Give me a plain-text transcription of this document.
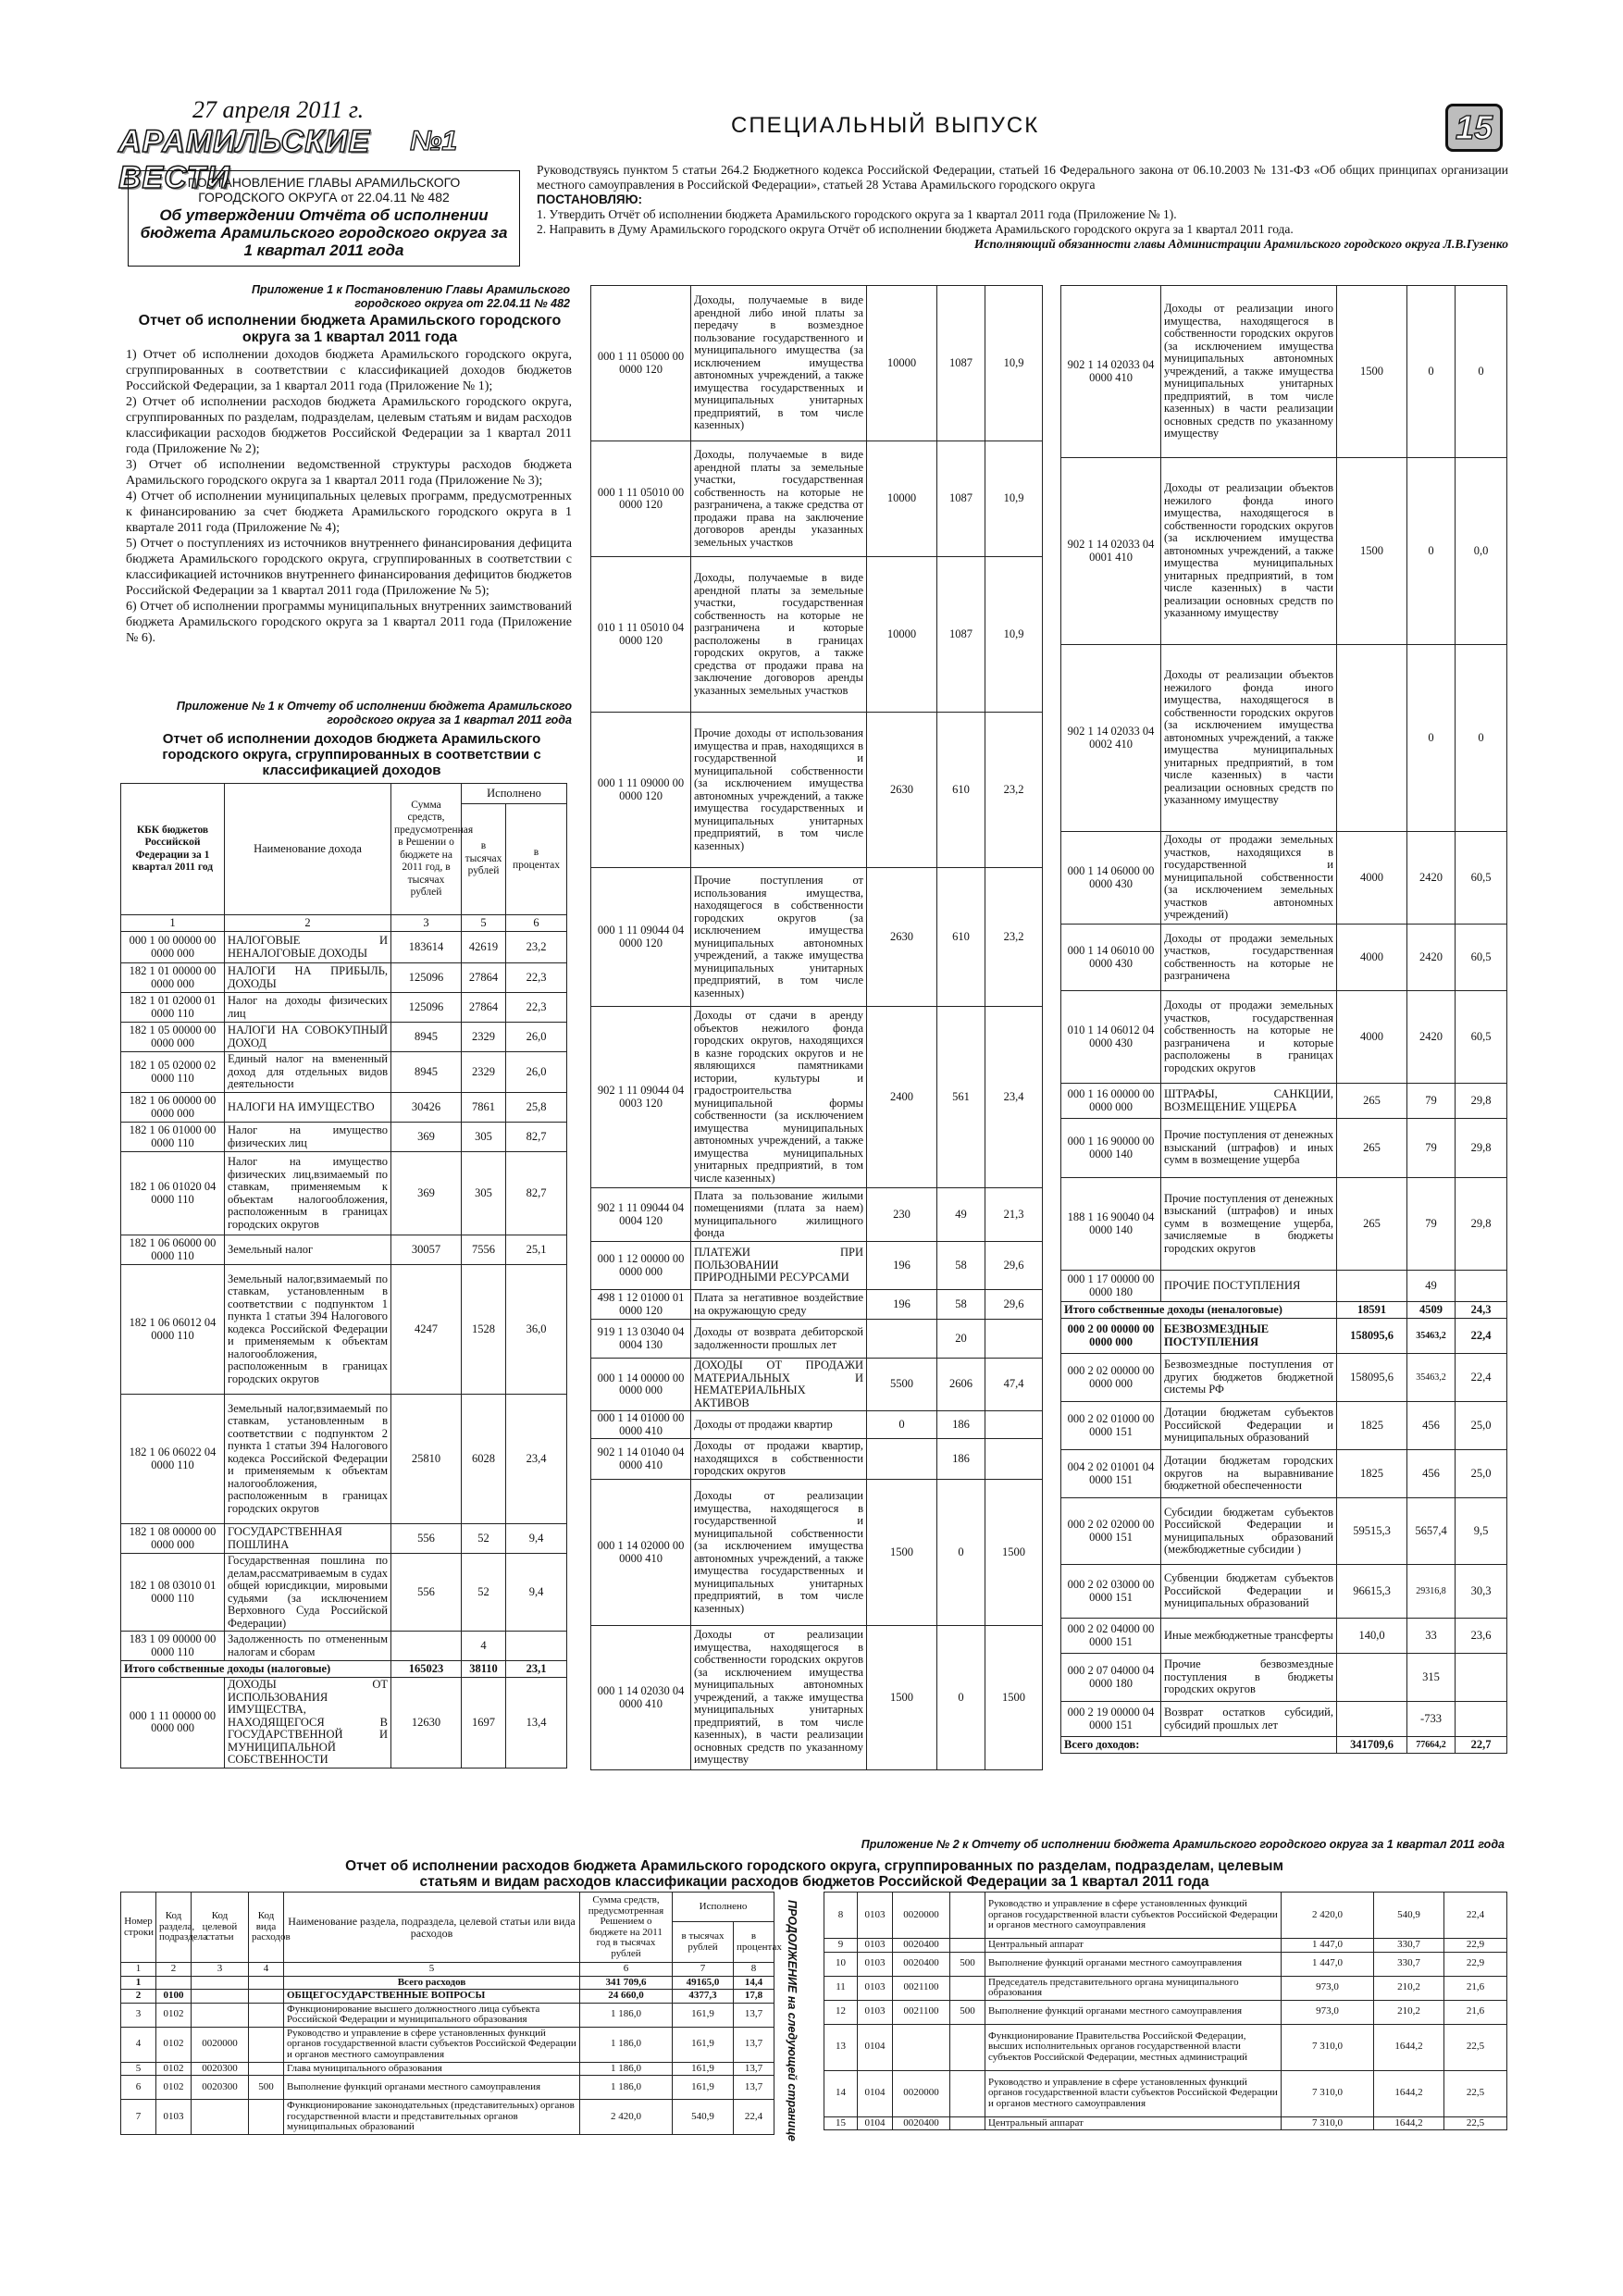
27 апреля 2011 г.
АРАМИЛЬСКИЕ ВЕСТИ
№1
СПЕЦИАЛЬНЫЙ ВЫПУСК	15
ПОСТАНОВЛЕНИЕ ГЛАВЫ АРАМИЛЬСКОГО
ГОРОДСКОГО ОКРУГА от 22.04.11 № 482
Об утверждении Отчёта об исполнении бюджета Арамильского городского округа за 1 квартал 2011 года

Руководствуясь пунктом 5 статьи 264.2 Бюджетного кодекса Российской Федерации, статьей 16 Федерального закона от 06.10.2003 № 131-ФЗ «Об общих принципах организации местного самоуправления в Российской Федерации», статьей 28 Устава Арамильского городского округа

ПОСТАНОВЛЯЮ:

1. Утвердить Отчёт об исполнении бюджета Арамильского городского округа за 1 квартал 2011 года (Приложение № 1).

2. Направить в Думу Арамильского городского округа Отчёт об исполнении бюджета Арамильского городского округа за 1 квартал 2011 года.

Исполняющий обязанности главы Администрации Арамильского городского округа Л.В.Гузенко

Приложение 1 к Постановлению Главы Арамильского городского округа от 22.04.11 № 482
Отчет об исполнении бюджета Арамильского городского округа за 1 квартал 2011 года

1) Отчет об исполнении доходов бюджета Арамильского городского округа, сгруппированных в соответствии с классификацией доходов бюджетов Российской Федерации, за 1 квартал 2011 года (Приложение № 1);

2) Отчет об исполнении расходов бюджета Арамильского городского округа, сгруппированных по разделам, подразделам, целевым статьям и видам расходов классификации расходов бюджетов Российской Федерации за 1 квартал 2011 года (Приложение № 2);

3) Отчет об исполнении ведомственной структуры расходов бюджета Арамильского городского округа за 1 квартал 2011 года (Приложение № 3);

4) Отчет об исполнении муниципальных целевых программ, предусмотренных к финансированию за счет бюджета Арамильского городского округа в 1 квартале 2011 года (Приложение № 4);

5) Отчет о поступлениях из источников внутреннего финансирования дефицита бюджета Арамильского городского округа, сгруппированных в соответствии с классификацией источников внутреннего финансирования дефицитов бюджетов Российской Федерации за 1 квартал 2011 года (Приложение № 5);

6) Отчет об исполнении программы муниципальных внутренних заимствований бюджета Арамильского городского округа за 1 квартал 2011 года (Приложение № 6).

Приложение № 1 к Отчету об исполнении бюджета Арамильского городского округа за 1 квартал 2011 года
Отчет об исполнении доходов бюджета Арамильского городского округа, сгруппированных в соответствии с классификацией доходов
КБК бюджетов Российской Федерации за 1 квартал 2011 год	Наименование дохода	Сумма средств, предусмотренная в Решении о бюджете на 2011 год, в тысячах рублей	Исполнено	
			в тысячах рублей	в процентах
1	2	3	5	6
000 1 00 00000 00 0000 000	НАЛОГОВЫЕ И НЕНАЛОГОВЫЕ ДОХОДЫ	183614	42619	23,2
182 1 01 00000 00 0000 000	НАЛОГИ НА ПРИБЫЛЬ, ДОХОДЫ	125096	27864	22,3
182 1 01 02000 01 0000 110	Налог на доходы физических лиц	125096	27864	22,3
182 1 05 00000 00 0000 000	НАЛОГИ НА СОВОКУПНЫЙ ДОХОД	8945	2329	26,0
182 1 05 02000 02 0000 110	Единый налог на вмененный доход для отдельных видов деятельности	8945	2329	26,0
182 1 06 00000 00 0000 000	НАЛОГИ НА ИМУЩЕСТВО	30426	7861	25,8
182 1 06 01000 00 0000 110	Налог на имущество физических лиц	369	305	82,7
182 1 06 01020 04 0000 110	Налог на имущество физических лиц,взимаемый по ставкам, применяемым к объектам налогообложения, расположенным в границах городских округов	369	305	82,7
182 1 06 06000 00 0000 110	Земельный налог	30057	7556	25,1
182 1 06 06012 04 0000 110	Земельный налог,взимаемый по ставкам, установленным в соответствии с подпунктом 1 пункта 1 статьи 394 Налогового кодекса Российской Федерации и применяемым к объектам налогообложения, расположенным в границах городских округов	4247	1528	36,0
182 1 06 06022 04 0000 110	Земельный налог,взимаемый по ставкам, установленным в соответствии с подпунктом 2 пункта 1 статьи 394 Налогового кодекса Российской Федерации и применяемым к объектам налогообложения, расположенным в границах городских округов	25810	6028	23,4
182 1 08 00000 00 0000 000	ГОСУДАРСТВЕННАЯ ПОШЛИНА	556	52	9,4
182 1 08 03010 01 0000 110	Государственная пошлина по делам,рассматриваемым в судах общей юрисдикции, мировыми судьями (за исключением Верховного Суда Российской Федерации)	556	52	9,4
183 1 09 00000 00 0000 110	Задолженность по отмененным налогам и сборам		4	
Итого собственные доходы (налоговые)		165023	38110	23,1
000 1 11 00000 00 0000 000	ДОХОДЫ ОТ ИСПОЛЬЗОВАНИЯ ИМУЩЕСТВА, НАХОДЯЩЕГОСЯ В ГОСУДАРСТВЕННОЙ И МУНИЦИПАЛЬНОЙ СОБСТВЕННОСТИ	12630	1697	13,4
000 1 11 05000 00 0000 120	Доходы, получаемые в виде арендной либо иной платы за передачу в возмездное пользование государственного и муниципального имущества (за исключением имущества автономных учреждений, а также имущества государственных и муниципальных унитарных предприятий, в том числе казенных)	10000	1087	10,9
000 1 11 05010 00 0000 120	Доходы, получаемые в виде арендной платы за земельные участки, государственная собственность на которые не разграничена, а также средства от продажи права на заключение договоров аренды указанных земельных участков	10000	1087	10,9
010 1 11 05010 04 0000 120	Доходы, получаемые в виде арендной платы за земельные участки, государственная собственность на которые не разграничена и которые расположены в границах городских округов, а также средства от продажи права на заключение договоров аренды указанных земельных участков	10000	1087	10,9
000 1 11 09000 00 0000 120	Прочие доходы от использования имущества и прав, находящихся в государственной и муниципальной собственности (за исключением имущества автономных учреждений, а также имущества государственных и муниципальных унитарных предприятий, в том числе казенных)	2630	610	23,2
000 1 11 09044 04 0000 120	Прочие поступления от использования имущества, находящегося в собственности городских округов (за исключением имущества муниципальных автономных учреждений, а также имущества муниципальных унитарных предприятий, в том числе казенных)	2630	610	23,2
902 1 11 09044 04 0003 120	Доходы от сдачи в аренду объектов нежилого фонда городских округов, находящихся в казне городских округов и не являющихся памятниками истории, культуры и градостроительства муниципальной формы собственности (за исключением имущества муниципальных автономных учреждений, а также имущества муниципальных унитарных предприятий, в том числе казенных)	2400	561	23,4
902 1 11 09044 04 0004 120	Плата за пользование жилыми помещениями (плата за наем) муниципального жилищного фонда	230	49	21,3
000 1 12 00000 00 0000 000	ПЛАТЕЖИ ПРИ ПОЛЬЗОВАНИИ ПРИРОДНЫМИ РЕСУРСАМИ	196	58	29,6
498 1 12 01000 01 0000 120	Плата за негативное воздействие на окружающую среду	196	58	29,6
919 1 13 03040 04 0004 130	Доходы от возврата дебиторской задолженности прошлых лет		20	
000 1 14 00000 00 0000 000	ДОХОДЫ ОТ ПРОДАЖИ МАТЕРИАЛЬНЫХ И НЕМАТЕРИАЛЬНЫХ АКТИВОВ	5500	2606	47,4
000 1 14 01000 00 0000 410	Доходы от продажи квартир	0	186	
902 1 14 01040 04 0000 410	Доходы от продажи квартир, находящихся в собственности городских округов		186	
000 1 14 02000 00 0000 410	Доходы от реализации имущества, находящегося в государственной и муниципальной собственности (за исключением имущества автономных учреждений, а также имущества государственных и муниципальных унитарных предприятий, в том числе казенных)	1500	0	1500
000 1 14 02030 04 0000 410	Доходы от реализации имущества, находящегося в собственности городских округов (за исключением имущества муниципальных автономных учреждений, а также имущества муниципальных унитарных предприятий, в том числе казенных), в части реализации основных средств по указанному имуществу	1500	0	1500
902 1 14 02033 04 0000 410	Доходы от реализации иного имущества, находящегося в собственности городских округов (за исключением имущества муниципальных автономных учреждений, а также имущества муниципальных унитарных предприятий, в том числе казенных) в части реализации основных средств по указанному имуществу	1500	0	0
902 1 14 02033 04 0001 410	Доходы от реализации объектов нежилого фонда иного имущества, находящегося в собственности городских округов (за исключением имущества автономных учреждений, а также имущества муниципальных унитарных предприятий, в том числе казенных) в части реализации основных средств по указанному имуществу	1500	0	0,0
902 1 14 02033 04 0002 410	Доходы от реализации объектов нежилого фонда иного имущества, находящегося в собственности городских округов (за исключением имущества автономных учреждений, а также имущества муниципальных унитарных предприятий, в том числе казенных) в части реализации основных средств по указанному имуществу		0	0
000 1 14 06000 00 0000 430	Доходы от продажи земельных участков, находящихся в государственной и муниципальной собственности (за исключением земельных участков автономных учреждений)	4000	2420	60,5
000 1 14 06010 00 0000 430	Доходы от продажи земельных участков, государственная собственность на которые не разграничена	4000	2420	60,5
010 1 14 06012 04 0000 430	Доходы от продажи земельных участков, государственная собственность на которые не разграничена и которые расположены в границах городских округов	4000	2420	60,5
000 1 16 00000 00 0000 000	ШТРАФЫ, САНКЦИИ, ВОЗМЕЩЕНИЕ УЩЕРБА	265	79	29,8
000 1 16 90000 00 0000 140	Прочие поступления от денежных взысканий (штрафов) и иных сумм в возмещение ущерба	265	79	29,8
188 1 16 90040 04 0000 140	Прочие поступления от денежных взысканий (штрафов) и иных сумм в возмещение ущерба, зачисляемые в бюджеты городских округов	265	79	29,8
000 1 17 00000 00 0000 180	ПРОЧИЕ ПОСТУПЛЕНИЯ		49	
Итого собственные доходы (неналоговые)		18591	4509	24,3
000 2 00 00000 00 0000 000	БЕЗВОЗМЕЗДНЫЕ ПОСТУПЛЕНИЯ	158095,6	35463,2	22,4
000 2 02 00000 00 0000 000	Безвозмездные поступления от других бюджетов бюджетной системы РФ	158095,6	35463,2	22,4
000 2 02 01000 00 0000 151	Дотации бюджетам субъектов Российской Федерации и муниципальных образований	1825	456	25,0
004 2 02 01001 04 0000 151	Дотации бюджетам городских округов на выравнивание бюджетной обеспеченности	1825	456	25,0
000 2 02 02000 00 0000 151	Субсидии бюджетам субъектов Российской Федерации и муниципальных образований (межбюджетные субсидии )	59515,3	5657,4	9,5
000 2 02 03000 00 0000 151	Субвенции бюджетам субъектов Российской Федерации и муниципальных образований	96615,3	29316,8	30,3
000 2 02 04000 00 0000 151	Иные межбюджетные трансферты	140,0	33	23,6
000 2 07 04000 04 0000 180	Прочие безвозмездные поступления в бюджеты городских округов		315	
000 2 19 00000 04 0000 151	Возврат остатков субсидий, субсидий прошлых лет		-733	
Всего доходов:		341709,6	77664,2	22,7
Приложение № 2 к Отчету об исполнении бюджета Арамильского городского округа за 1 квартал 2011 года
Отчет об исполнении расходов бюджета Арамильского городского округа, сгруппированных по разделам, подразделам, целевым
статьям и видам расходов классификации расходов бюджетов Российской Федерации за 1 квартал 2011 года
Номер строки	Код раздела, подраздела	Код целевой статьи	Код вида расходов	Наименование раздела, подраздела, целевой статьи или вида расходов	Сумма средств, предусмотренная Решением о бюджете на 2011 год в тысячах рублей	Исполнено		ПРОДОЛЖЕНИЕ на следующей странице

						в тысячах рублей	в процентах	
1	2	3	4	5	6	7	8	
1				Всего расходов	341 709,6	49165,0	14,4	
2	0100			ОБЩЕГОСУДАРСТВЕННЫЕ ВОПРОСЫ	24 660,0	4377,3	17,8	
3	0102			Функционирование высшего должностного лица субъекта Российской Федерации и муниципального образования	1 186,0	161,9	13,7	
4	0102	0020000		Руководство и управление в сфере установленных функций органов государственной власти субъектов Российской Федерации и органов местного самоуправления	1 186,0	161,9	13,7	
5	0102	0020300		Глава муниципального образования	1 186,0	161,9	13,7	
6	0102	0020300	500	Выполнение функций органами местного самоуправления	1 186,0	161,9	13,7	
7	0103			Функционирование законодательных (представительных) органов государственной власти и представительных органов муниципальных образований	2 420,0	540,9	22,4	
8	0103	0020000		Руководство и управление в сфере установленных функций органов государственной власти субъектов Российской Федерации и органов местного самоуправления	2 420,0	540,9	22,4
9	0103	0020400		Центральный аппарат	1 447,0	330,7	22,9
10	0103	0020400	500	Выполнение функций органами местного самоуправления	1 447,0	330,7	22,9
11	0103	0021100		Председатель представительного органа муниципального образования	973,0	210,2	21,6
12	0103	0021100	500	Выполнение функций органами местного самоуправления	973,0	210,2	21,6
13	0104			Функционирование Правительства Российской Федерации, высших исполнительных органов государственной власти субъектов Российской Федерации, местных администраций	7 310,0	1644,2	22,5
14	0104	0020000		Руководство и управление в сфере установленных функций органов государственной власти субъектов Российской Федерации и органов местного самоуправления	7 310,0	1644,2	22,5
15	0104	0020400		Центральный аппарат	7 310,0	1644,2	22,5
